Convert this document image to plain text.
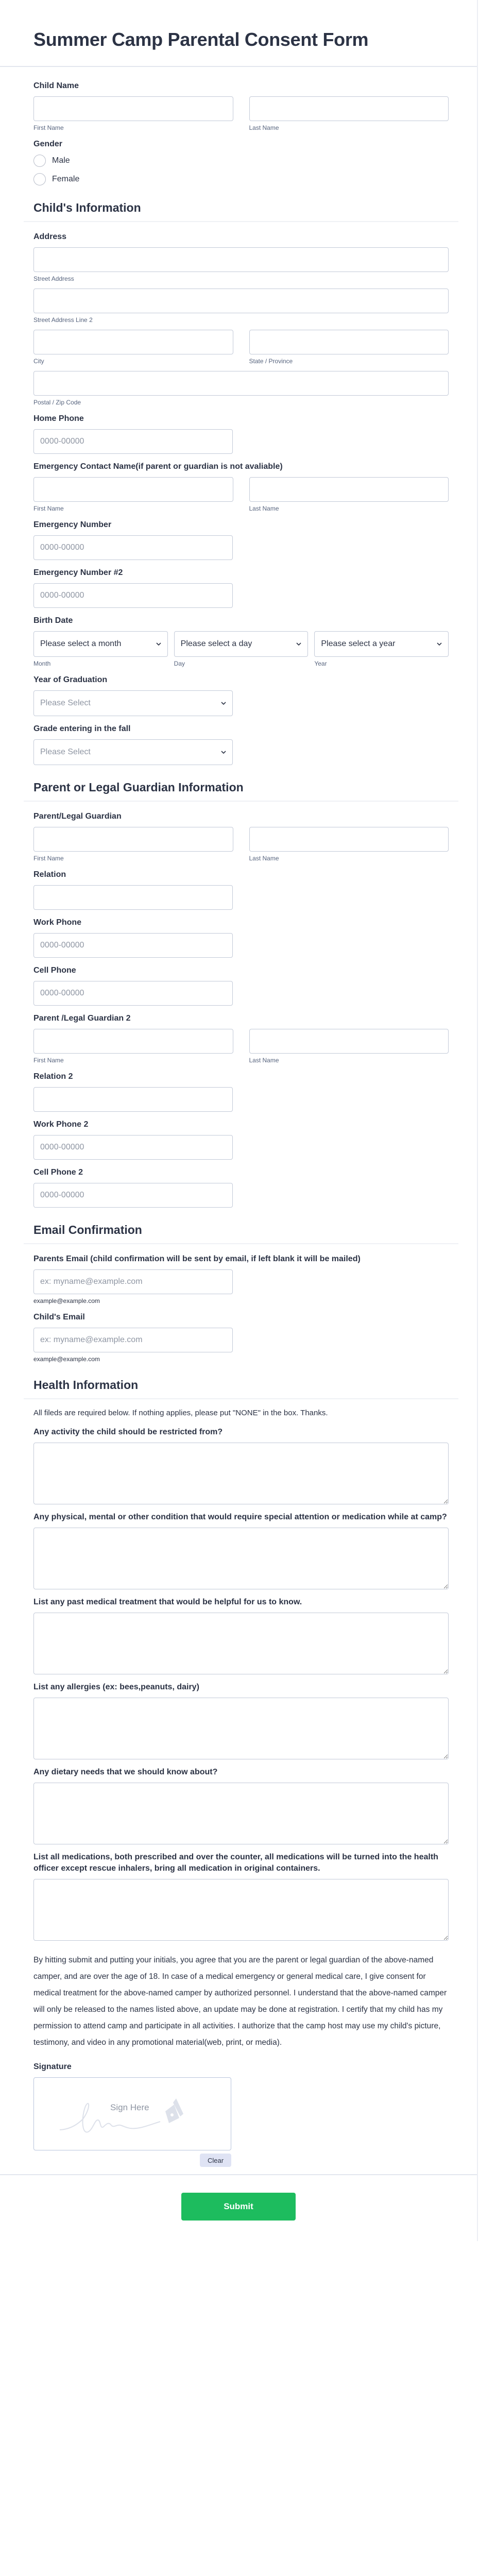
Summer Camp Parental Consent Form
Child Name
First Name	Last Name
Gender
Male
Female
Child's Information
Address
Street Address
Street Address Line 2
City	State / Province
Postal / Zip Code
Home Phone
0000-00000
Emergency Contact Name(if parent or guardian is not avaliable)
First Name	Last Name
Emergency Number
0000-00000
Emergency Number #2
0000-00000
Birth Date
Please select a month
Month
Please select a day
Day
Please select a year
Year
Year of Graduation
Please Select
Grade entering in the fall
Please Select
Parent or Legal Guardian Information
Parent/Legal Guardian
First Name	Last Name
Relation
Work Phone
0000-00000
Cell Phone
0000-00000
Parent /Legal Guardian 2
First Name	Last Name
Relation 2
Work Phone 2
0000-00000
Cell Phone 2
0000-00000
Email Confirmation
Parents Email (child confirmation will be sent by email, if left blank it will be mailed)
ex: myname@example.com
example@example.com
Child's Email
ex: myname@example.com
example@example.com
Health Information

All fileds are required below. If nothing applies, please put "NONE" in the box. Thanks.

Any activity the child should be restricted from?
Any physical, mental or other condition that would require special attention or medication while at camp?
List any past medical treatment that would be helpful for us to know.
List any allergies (ex: bees,peanuts, dairy)
Any dietary needs that we should know about?
List all medications, both prescribed and over the counter, all medications will be turned into the health officer except rescue inhalers, bring all medication in original containers.

By hitting submit and putting your initials, you agree that you are the parent or legal guardian of the above-named camper, and are over the age of 18. In case of a medical emergency or general medical care, I give consent for medical treatment for the above-named camper by authorized personnel. I understand that the above-named camper will only be released to the names listed above, an update may be done at registration. I certify that my child has my permission to attend camp and participate in all activities. I authorize that the camp host may use my child's picture, testimony, and video in any promotional material(web, print, or media).

Signature
Sign Here
Clear
Submit
